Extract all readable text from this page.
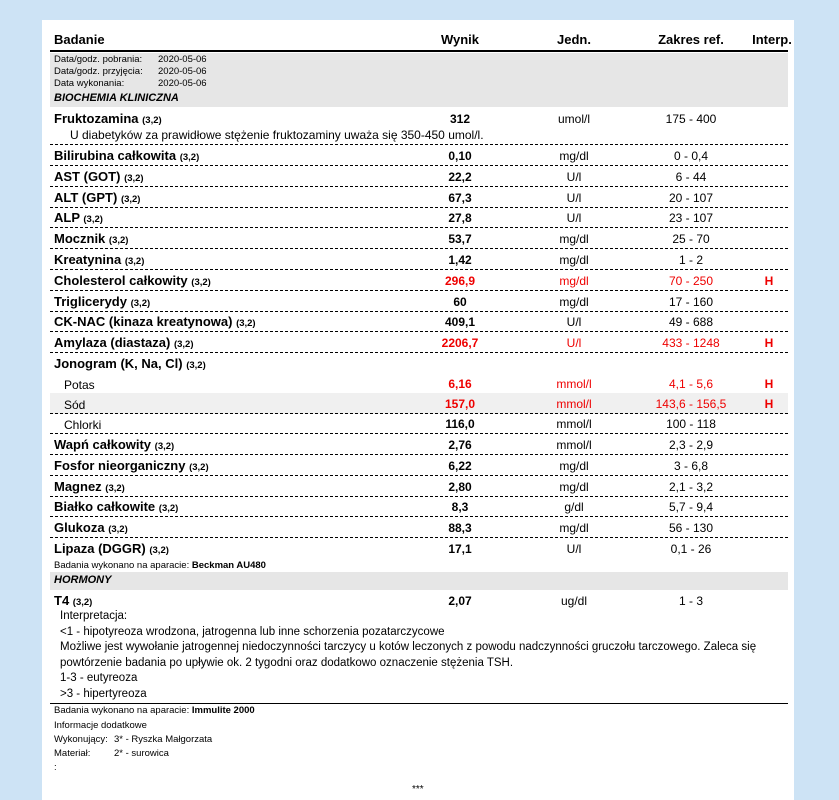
Badanie	Wynik	Jedn.	Zakres ref.	Interp.
Data/godz. pobrania: 2020-05-06
Data/godz. przyjęcia: 2020-05-06
Data wykonania:	2020-05-06
BIOCHEMIA KLINICZNA
Fruktozamina (3,2)	312	umol/l	175 - 400
U diabetyków za prawidłowe stężenie fruktozaminy uważa się 350-450 umol/l.
Bilirubina całkowita (3,2)	0,10	mg/dl	0 - 0,4
AST (GOT) (3,2)	22,2	U/l	6 - 44
ALT (GPT) (3,2)	67,3	U/l	20 - 107
ALP (3,2)	27,8	U/l	23 - 107
Mocznik (3,2)	53,7	mg/dl	25 - 70
Kreatynina (3,2)	1,42	mg/dl	1 - 2
Cholesterol całkowity (3,2)	296,9	mg/dl	70 - 250	H
Triglicerydy (3,2)	60	mg/dl	17 - 160
CK-NAC (kinaza kreatynowa) (3,2)	409,1	U/l	49 - 688
Amylaza (diastaza) (3,2)	2206,7	U/l	433 - 1248	H
Jonogram (K, Na, Cl) (3,2)
Potas	6,16	mmol/l	4,1 - 5,6	H
Sód	157,0	mmol/l	143,6 - 156,5	H
Chlorki	116,0	mmol/l	100 - 118
Wapń całkowity (3,2)	2,76	mmol/l	2,3 - 2,9
Fosfor nieorganiczny (3,2)	6,22	mg/dl	3 - 6,8
Magnez (3,2)	2,80	mg/dl	2,1 - 3,2
Białko całkowite (3,2)	8,3	g/dl	5,7 - 9,4
Glukoza (3,2)	88,3	mg/dl	56 - 130
Lipaza (DGGR) (3,2)	17,1	U/l	0,1 - 26
Badania wykonano na aparacie: Beckman AU480
HORMONY
T4 (3,2)	2,07	ug/dl	1 - 3
Interpretacja:
<1 - hipotyreoza wrodzona, jatrogenna lub inne schorzenia pozatarczycowe
Możliwe jest wywołanie jatrogennej niedoczynności tarczycy u kotów leczonych z powodu nadczynności gruczołu tarczowego. Zaleca się
powtórzenie badania po upływie ok. 2 tygodni oraz dodatkowo oznaczenie stężenia TSH.
1-3 - eutyreoza
>3 - hipertyreoza
Badania wykonano na aparacie: Immulite 2000
Informacje dodatkowe
Wykonujący: 3* - Ryszka Małgorzata
Materiał: 2* - surowica
:
***
